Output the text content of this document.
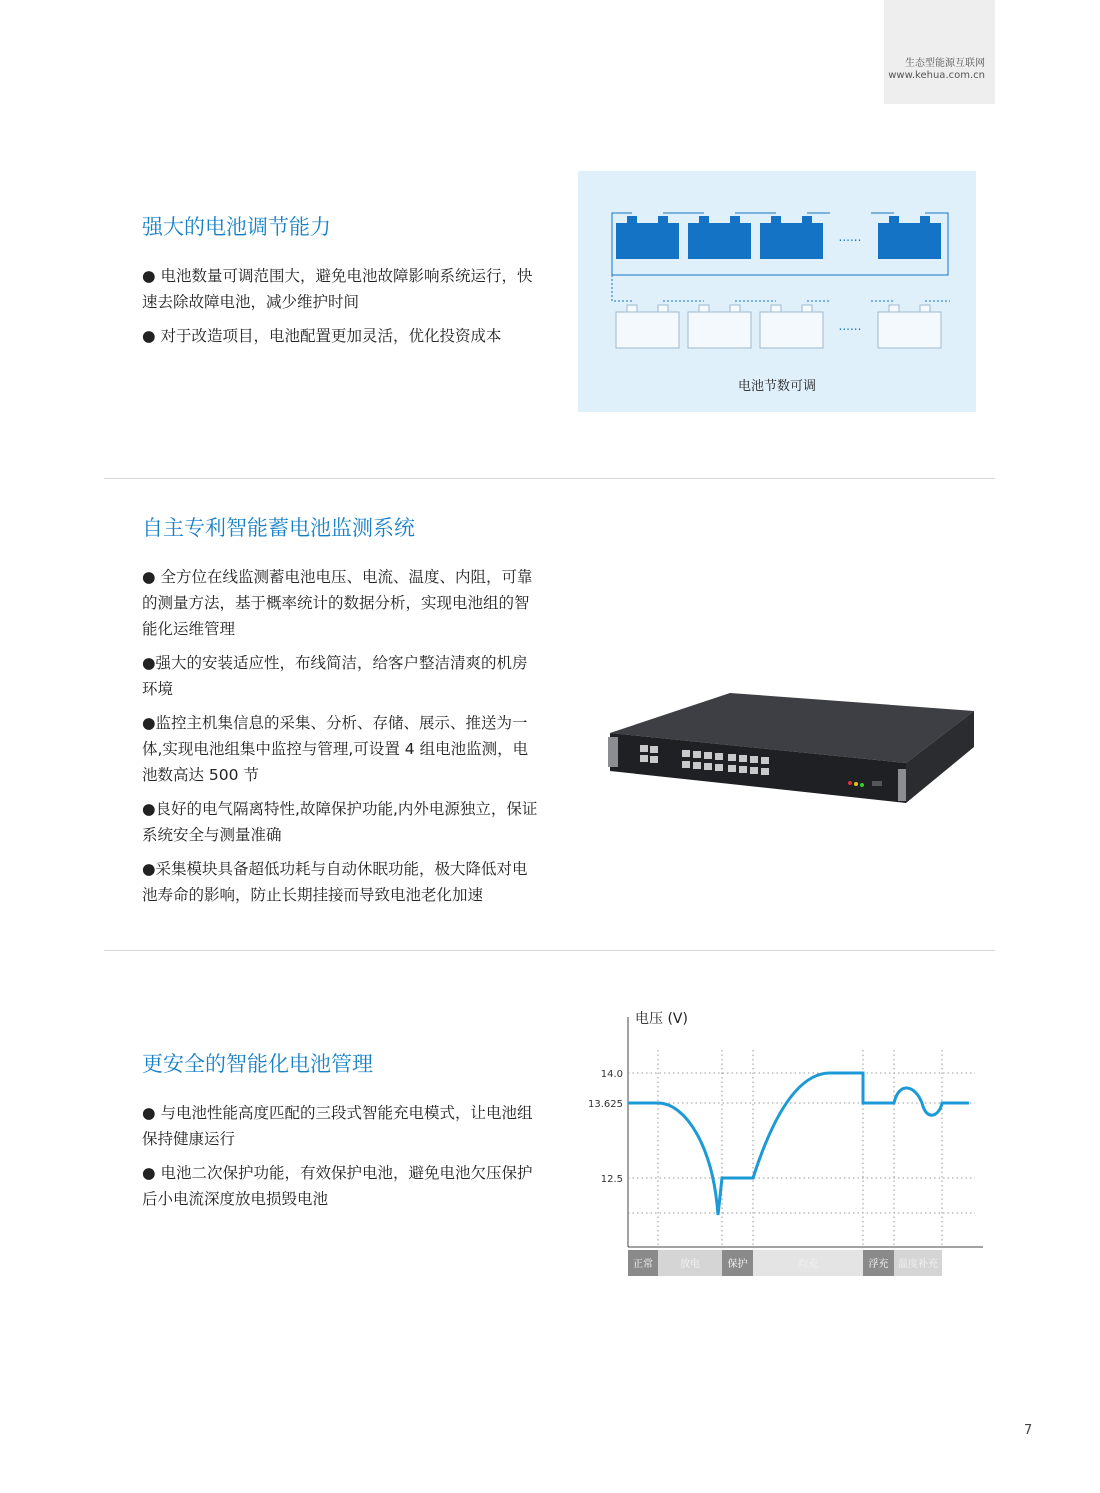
生态型能源互联网
www.kehua.com.cn
强大的电池调节能力
● 电池数量可调范围大，避免电池故障影响系统运行，快速去除故障电池，减少维护时间
● 对于改造项目，电池配置更加灵活，优化投资成本
......
......
电池节数可调
自主专利智能蓄电池监测系统
● 全方位在线监测蓄电池电压、电流、温度、内阻，可靠的测量方法，基于概率统计的数据分析，实现电池组的智能化运维管理
●强大的安装适应性，布线简洁，给客户整洁清爽的机房环境
●监控主机集信息的采集、分析、存储、展示、推送为一体,实现电池组集中监控与管理,可设置 4 组电池监测，电池数高达 500 节
●良好的电气隔离特性,故障保护功能,内外电源独立，保证系统安全与测量准确
●采集模块具备超低功耗与自动休眠功能，极大降低对电池寿命的影响，防止长期挂接而导致电池老化加速
更安全的智能化电池管理
● 与电池性能高度匹配的三段式智能充电模式，让电池组保持健康运行
● 电池二次保护功能，有效保护电池，避免电池欠压保护后小电流深度放电损毁电池
电压 (V)
14.0
13.625
12.5
正常	放电	保护	均充	浮充 温度补充
7
